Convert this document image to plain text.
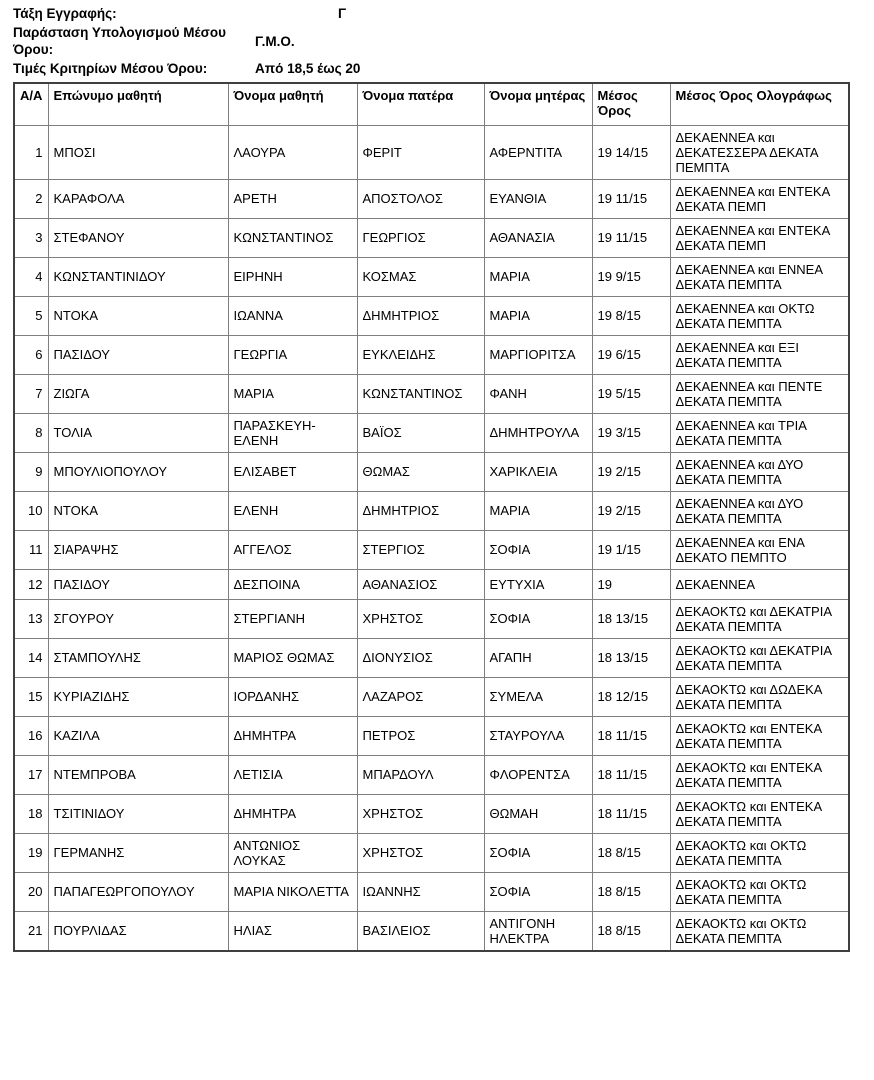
Τάξη Εγγραφής:	Γ
Παράσταση Υπολογισμού Μέσου Όρου:
Γ.Μ.Ο.
Τιμές Κριτηρίων Μέσου Όρου:	Από 18,5 έως 20
Α/Α	Επώνυμο μαθητή	Όνομα μαθητή	Όνομα πατέρα	Όνομα μητέρας	Μέσος Όρος	Μέσος Όρος Ολογράφως
1	ΜΠΟΣΙ	ΛΑΟΥΡΑ	ΦΕΡΙΤ	ΑΦΕΡΝΤΙΤΑ	19 14/15	ΔΕΚΑΕΝΝΕΑ και ΔΕΚΑΤΕΣΣΕΡΑ ΔΕΚΑΤΑ ΠΕΜΠΤΑ
2	ΚΑΡΑΦΟΛΑ	ΑΡΕΤΗ	ΑΠΟΣΤΟΛΟΣ	ΕΥΑΝΘΙΑ	19 11/15	ΔΕΚΑΕΝΝΕΑ και ΕΝΤΕΚΑ ΔΕΚΑΤΑ ΠΕΜΠ
3	ΣΤΕΦΑΝΟΥ	ΚΩΝΣΤΑΝΤΙΝΟΣ	ΓΕΩΡΓΙΟΣ	ΑΘΑΝΑΣΙΑ	19 11/15	ΔΕΚΑΕΝΝΕΑ και ΕΝΤΕΚΑ ΔΕΚΑΤΑ ΠΕΜΠ
4	ΚΩΝΣΤΑΝΤΙΝΙΔΟΥ	ΕΙΡΗΝΗ	ΚΟΣΜΑΣ	ΜΑΡΙΑ	19 9/15	ΔΕΚΑΕΝΝΕΑ και ΕΝΝΕΑ ΔΕΚΑΤΑ ΠΕΜΠΤΑ
5	ΝΤΟΚΑ	ΙΩΑΝΝΑ	ΔΗΜΗΤΡΙΟΣ	ΜΑΡΙΑ	19 8/15	ΔΕΚΑΕΝΝΕΑ και ΟΚΤΩ ΔΕΚΑΤΑ ΠΕΜΠΤΑ
6	ΠΑΣΙΔΟΥ	ΓΕΩΡΓΙΑ	ΕΥΚΛΕΙΔΗΣ	ΜΑΡΓΙΟΡΙΤΣΑ	19 6/15	ΔΕΚΑΕΝΝΕΑ και ΕΞΙ ΔΕΚΑΤΑ ΠΕΜΠΤΑ
7	ΖΙΩΓΑ	ΜΑΡΙΑ	ΚΩΝΣΤΑΝΤΙΝΟΣ	ΦΑΝΗ	19 5/15	ΔΕΚΑΕΝΝΕΑ και ΠΕΝΤΕ ΔΕΚΑΤΑ ΠΕΜΠΤΑ
8	ΤΟΛΙΑ	ΠΑΡΑΣΚΕΥΗ-ΕΛΕΝΗ	ΒΑΪΟΣ	ΔΗΜΗΤΡΟΥΛΑ	19 3/15	ΔΕΚΑΕΝΝΕΑ και ΤΡΙΑ ΔΕΚΑΤΑ ΠΕΜΠΤΑ
9	ΜΠΟΥΛΙΟΠΟΥΛΟΥ	ΕΛΙΣΑΒΕΤ	ΘΩΜΑΣ	ΧΑΡΙΚΛΕΙΑ	19 2/15	ΔΕΚΑΕΝΝΕΑ και ΔΥΟ ΔΕΚΑΤΑ ΠΕΜΠΤΑ
10	ΝΤΟΚΑ	ΕΛΕΝΗ	ΔΗΜΗΤΡΙΟΣ	ΜΑΡΙΑ	19 2/15	ΔΕΚΑΕΝΝΕΑ και ΔΥΟ ΔΕΚΑΤΑ ΠΕΜΠΤΑ
11	ΣΙΑΡΑΨΗΣ	ΑΓΓΕΛΟΣ	ΣΤΕΡΓΙΟΣ	ΣΟΦΙΑ	19 1/15	ΔΕΚΑΕΝΝΕΑ και ΕΝΑ ΔΕΚΑΤΟ ΠΕΜΠΤΟ
12	ΠΑΣΙΔΟΥ	ΔΕΣΠΟΙΝΑ	ΑΘΑΝΑΣΙΟΣ	ΕΥΤΥΧΙΑ	19	ΔΕΚΑΕΝΝΕΑ
13	ΣΓΟΥΡΟΥ	ΣΤΕΡΓΙΑΝΗ	ΧΡΗΣΤΟΣ	ΣΟΦΙΑ	18 13/15	ΔΕΚΑΟΚΤΩ και ΔΕΚΑΤΡΙΑ ΔΕΚΑΤΑ ΠΕΜΠΤΑ
14	ΣΤΑΜΠΟΥΛΗΣ	ΜΑΡΙΟΣ ΘΩΜΑΣ	ΔΙΟΝΥΣΙΟΣ	ΑΓΑΠΗ	18 13/15	ΔΕΚΑΟΚΤΩ και ΔΕΚΑΤΡΙΑ ΔΕΚΑΤΑ ΠΕΜΠΤΑ
15	ΚΥΡΙΑΖΙΔΗΣ	ΙΟΡΔΑΝΗΣ	ΛΑΖΑΡΟΣ	ΣΥΜΕΛΑ	18 12/15	ΔΕΚΑΟΚΤΩ και ΔΩΔΕΚΑ ΔΕΚΑΤΑ ΠΕΜΠΤΑ
16	ΚΑΖΙΛΑ	ΔΗΜΗΤΡΑ	ΠΕΤΡΟΣ	ΣΤΑΥΡΟΥΛΑ	18 11/15	ΔΕΚΑΟΚΤΩ και ΕΝΤΕΚΑ ΔΕΚΑΤΑ ΠΕΜΠΤΑ
17	ΝΤΕΜΠΡΟΒΑ	ΛΕΤΙΣΙΑ	ΜΠΑΡΔΟΥΛ	ΦΛΟΡΕΝΤΣΑ	18 11/15	ΔΕΚΑΟΚΤΩ και ΕΝΤΕΚΑ ΔΕΚΑΤΑ ΠΕΜΠΤΑ
18	ΤΣΙΤΙΝΙΔΟΥ	ΔΗΜΗΤΡΑ	ΧΡΗΣΤΟΣ	ΘΩΜΑΗ	18 11/15	ΔΕΚΑΟΚΤΩ και ΕΝΤΕΚΑ ΔΕΚΑΤΑ ΠΕΜΠΤΑ
19	ΓΕΡΜΑΝΗΣ	ΑΝΤΩΝΙΟΣ ΛΟΥΚΑΣ	ΧΡΗΣΤΟΣ	ΣΟΦΙΑ	18 8/15	ΔΕΚΑΟΚΤΩ και ΟΚΤΩ ΔΕΚΑΤΑ ΠΕΜΠΤΑ
20	ΠΑΠΑΓΕΩΡΓΟΠΟΥΛΟΥ	ΜΑΡΙΑ ΝΙΚΟΛΕΤΤΑ	ΙΩΑΝΝΗΣ	ΣΟΦΙΑ	18 8/15	ΔΕΚΑΟΚΤΩ και ΟΚΤΩ ΔΕΚΑΤΑ ΠΕΜΠΤΑ
21	ΠΟΥΡΛΙΔΑΣ	ΗΛΙΑΣ	ΒΑΣΙΛΕΙΟΣ	ΑΝΤΙΓΟΝΗ ΗΛΕΚΤΡΑ	18 8/15	ΔΕΚΑΟΚΤΩ και ΟΚΤΩ ΔΕΚΑΤΑ ΠΕΜΠΤΑ
